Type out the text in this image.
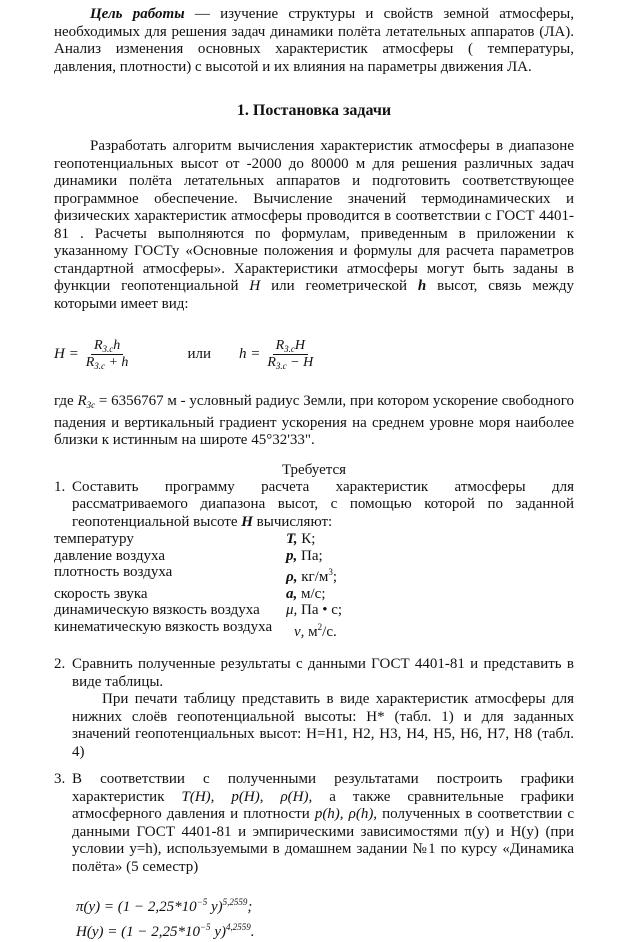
Цель работы — изучение структуры и свойств земной атмосферы, необходимых для решения задач динамики полёта летательных аппаратов (ЛА). Анализ изменения основных характеристик атмосферы ( температуры, давления, плотности) с высотой и их влияния на параметры движения ЛА.

1. Постановка задачи

Разработать алгоритм вычисления характеристик атмосферы в диапазоне геопотенциальных высот от -2000 до 80000 м для решения различных задач динамики полёта летательных аппаратов и подготовить соответствующее программное обеспечение. Вычисление значений термодинамических и физических характеристик атмосферы проводится в соответствии с ГОСТ 4401-81 . Расчеты выполняются по формулам, приведенным в приложении к указанному ГОСТу «Основные положения и формулы для расчета параметров стандартной атмосферы». Характеристики атмосферы могут быть заданы в функции геопотенциальной H или геометрической h высот, связь между которыми имеет вид:

$H = \frac{R_{З.с}h}{R_{З.с} + h}$	или $h = \frac{R_{З.с}H}{R_{З.с} - H}$

где $R_{Зс} = 6356767$ м - условный радиус Земли, при котором ускорение свободного падения и вертикальный градиент ускорения на среднем уровне моря наиболее близки к истинным на широте 45°32'33".

Требуется
1. Составить программу расчета характеристик атмосферы для рассматриваемого диапазона высот, с помощью которой по заданной геопотенциальной высоте H вычисляют:
температуру	T, К;
давление воздуха	p, Па;
плотность воздуха	ρ, $кг/м^3$;
скорость звука	a, м/с;
динамическую вязкость воздуха	μ, Па • с;
кинематическую вязкость воздуха	ν, $м^2/с$.
2. Сравнить полученные результаты с данными ГОСТ 4401-81 и представить в виде таблицы.

При печати таблицу представить в виде характеристик атмосферы для нижних слоёв геопотенциальной высоты: H* (табл. 1) и для заданных значений геопотенциальных высот: H=H1, H2, H3, H4, H5, H6, H7, H8 (табл. 4)
3. В соответствии с полученными результатами построить графики характеристик T(H), p(H), ρ(H), а также сравнительные графики атмосферного давления и плотности p(h), ρ(h), полученных в соответствии с данными ГОСТ 4401-81 и эмпирическими зависимостями π(y) и H(y) (при условии y=h), используемыми в домашнем задании №1 по курсу «Динамика полёта» (5 семестр)
$\pi(y) = (1 - 2,25*10^{-5}$ y)$^{5,2559}$;
$H(y) = (1 - 2,25*10^{-5}$ y)$^{4,2559}$.
